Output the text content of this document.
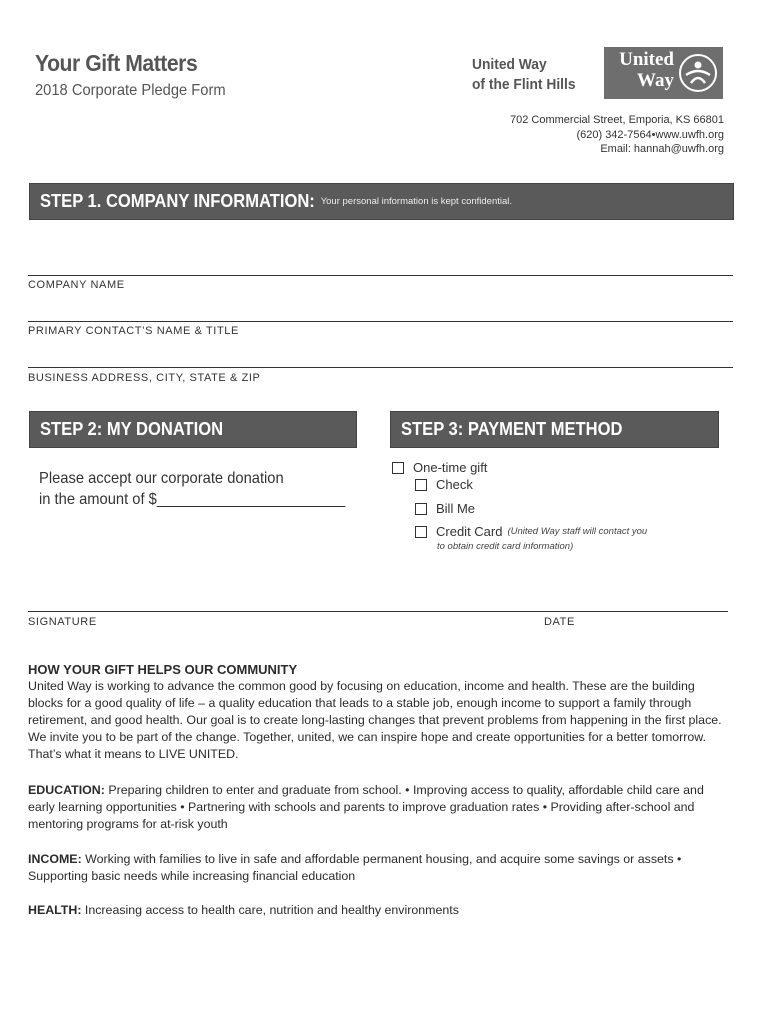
Your Gift Matters
2018 Corporate Pledge Form
United Way
of the Flint Hills
United
Way
702 Commercial Street, Emporia, KS 66801
(620) 342-7564•www.uwfh.org
Email: hannah@uwfh.org
STEP 1. COMPANY INFORMATION: Your personal information is kept confidential.
COMPANY NAME
PRIMARY CONTACT’S NAME & TITLE
BUSINESS ADDRESS, CITY, STATE & ZIP
STEP 2: MY DONATION
Please accept our corporate donation
in the amount of $_______________________
STEP 3: PAYMENT METHOD
One-time gift
Check
Bill Me
Credit Card (United Way staff will contact you
to obtain credit card information)
SIGNATURE	DATE
HOW YOUR GIFT HELPS OUR COMMUNITY
United Way is working to advance the common good by focusing on education, income and health. These are the building blocks for a good quality of life – a quality education that leads to a stable job, enough income to support a family through retirement, and good health. Our goal is to create long-lasting changes that prevent problems from happening in the first place. We invite you to be part of the change. Together, united, we can inspire hope and create opportunities for a better tomorrow. That’s what it means to LIVE UNITED.
EDUCATION: Preparing children to enter and graduate from school. • Improving access to quality, affordable child care and early learning opportunities • Partnering with schools and parents to improve graduation rates • Providing after-school and mentoring programs for at-risk youth
INCOME: Working with families to live in safe and affordable permanent housing, and acquire some savings or assets • Supporting basic needs while increasing financial education
HEALTH: Increasing access to health care, nutrition and healthy environments
